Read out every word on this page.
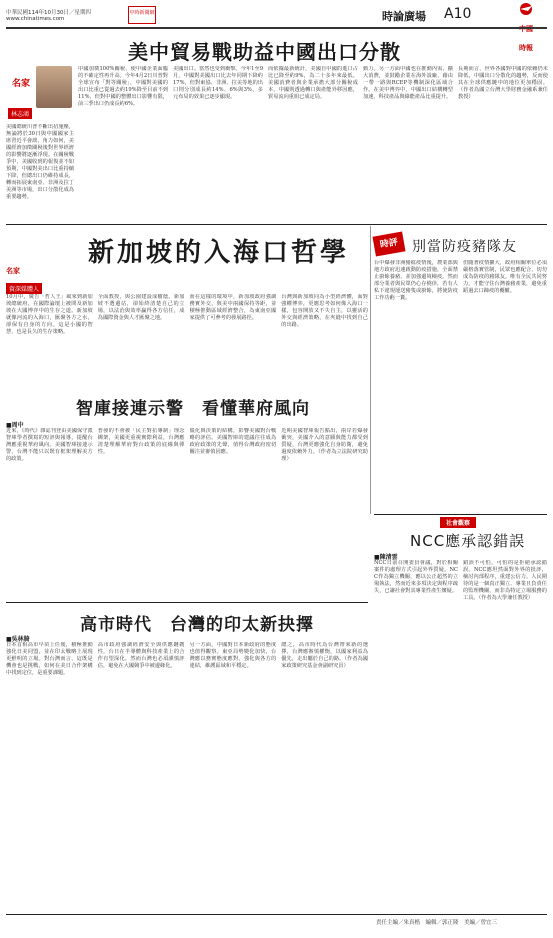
中華民國114年10月30日／星期四
www.chinatimes.com
中時新聞網	時論廣場 A10

時報
美中貿易戰助益中國出口分散
名家
林志鴻
美國總統川普不斷出招施壓，無論將於30日與中國國家主席習近平會談，角力如何，美國經濟加徵關稅後對世界經濟的影響將逐漸浮現。在關稅戰爭中，美國收到的報復並不如預期，中國對美出口比重持續下降，但總出口仍維持成長，轉而拓展東南亞、非洲及拉丁美洲等市場，出口分散化成為重要趨勢。
中國加徵100%關稅，使中國企業面臨的不確定性再升高。今年4月2日川普對全球宣布「對等關稅」，中國對美國的出口比重已從過去約19%降至目前不到11%，但對中國的整體出口影響有限，前三季出口仍成長約6%。
美國出口。當然也受到衝擊。今年1至9月，中國對美國出口比去年同期下降約17%，但對東協、非洲、拉美等地的出口則分別成長約14%、6%與3%，多元布局的效果已逐步顯現。
而依據最新統計，美國自中國的進口占比已降至約9%，為二十多年來最低。美國消費者與企業承擔大部分關稅成本，中國則透過轉口與產能外移因應，貿易流向重組已成定局。
動力。另一方面中國也在推動內需，擴大消費，並鼓勵企業在海外設廠，藉由一帶一路與RCEP等機制深化區域合作。在美中博弈中，中國出口結構轉型加速，科技產品與綠能產品比重提升。
長期而言，世界各國對中國的依賴仍未降低，中國出口分散化的趨勢，反而使其在全球供應鏈中的地位更加穩固。（作者為國立台灣大學財務金融系兼任教授）
新加坡的入海口哲學
名家
資深媒體人
10月中，廣告「哲人王」風來到新加坡總統府，在國際論壇上被問及新加坡在大國博弈中的生存之道。新加坡就像河流的入海口，匯聚各方之水，卻保有自身的方向。這是小國的智慧，也是長久的生存策略。
全面教授，與公園建設成樹蔭。新加坡不選邊站，卻始終清楚自己的立場，以法治與效率贏得各方信任，成為國際資金與人才匯聚之地。
而在這樣的環境中，新加坡政府強調務實外交，與美中兩國保持等距，並積極推動區域經濟整合，為東南亞國家提供了可參考的發展路徑。
台灣與新加坡同為小型經濟體，面對強權博弈，更應思考如何像入海口一樣，包容開放又不失自主，以靈活的外交與經濟策略，在夾縫中找到自己的出路。
時評 別當防疫豬隊友
台中爆發非洲豬瘟疫情後，農業部與地方政府迅速啟動防疫措施，全面禁止廚餘養豬，並加強邊境檢疫。然而部分業者與民眾仍心存僥倖，若有人私下違規運送豬隻或廚餘，將使防疫工作功虧一簣。
但隨著疫情擴大，政府相關單位必須嚴格落實管制，民眾也應配合，切勿成為防疫的豬隊友。唯有全民共同努力，才能守住台灣養豬產業，避免重蹈過去口蹄疫的覆轍。
智庫接連示警　看懂華府風向
■周中
近來，《時代》雜誌刊登由美國保守派智庫學者撰寫的短評與報導，提醒台灣應重視華府風向。美國智庫接連示警，台灣不能只以既有框架理解美方的政策。
普發的不會被「民主對抗專制」理念綁架，美國更重視實際利益，台灣應清楚理解華府對台政策的底線與彈性。
僵化與決策的結構，影響美國對台戰略的評估。美國智庫的建議往往成為政府政策的先聲，值得台灣政府密切關注並審慎因應。
近期美國智庫報告點出，兩岸若爆發衝突，美國介入的意願與能力都受到質疑，台灣更應強化自身防衛，避免過度依賴外力。（作者為立法院研究助理）
社會觀察
NCC應承認錯誤
■陳清雲
NCC日前召開委員會議，對於相關案件的處理方式引起外界質疑。NCC作為獨立機關，應以公正超然的立場執法，然而近來多項決定與程序疏失，已讓社會對其專業性產生懷疑。
錯誤不可怕，可怕的是拒絕承認錯誤。NCC應坦然面對外界的批評，檢討內部程序，重建公信力。人民期待的是一個真正獨立、專業且負責任的監理機關，而非為特定立場服務的工具。（作者為大學兼任教授）
高市時代　台灣的印太新抉擇
■吳林䐀
日本首相高市早苗上任後，積極推動強化日美同盟，並在印太戰略上展現更鮮明的立場。對台灣而言，這既是機會也是挑戰，如何在美日合作架構中找到定位，是重要課題。
高市政府強調經濟安全與供應鏈韌性，台日在半導體與科技產業上的合作有望深化。然而台灣也必須謹慎評估，避免在大國競爭中被邊緣化。
另一方面，中國對日本新政府的態度也值得觀察。東亞局勢變化加快，台灣應以務實態度應對，強化與各方的連結，維護區域和平穩定。
總之，高市時代為台灣帶來新的選擇，台灣應審慎權衡，以國家利益為優先，走出屬於自己的路。（作者為國家政策研究基金會副研究員）
責任主編／朱真楷　編輯／郭正隆　美編／曾宜三
